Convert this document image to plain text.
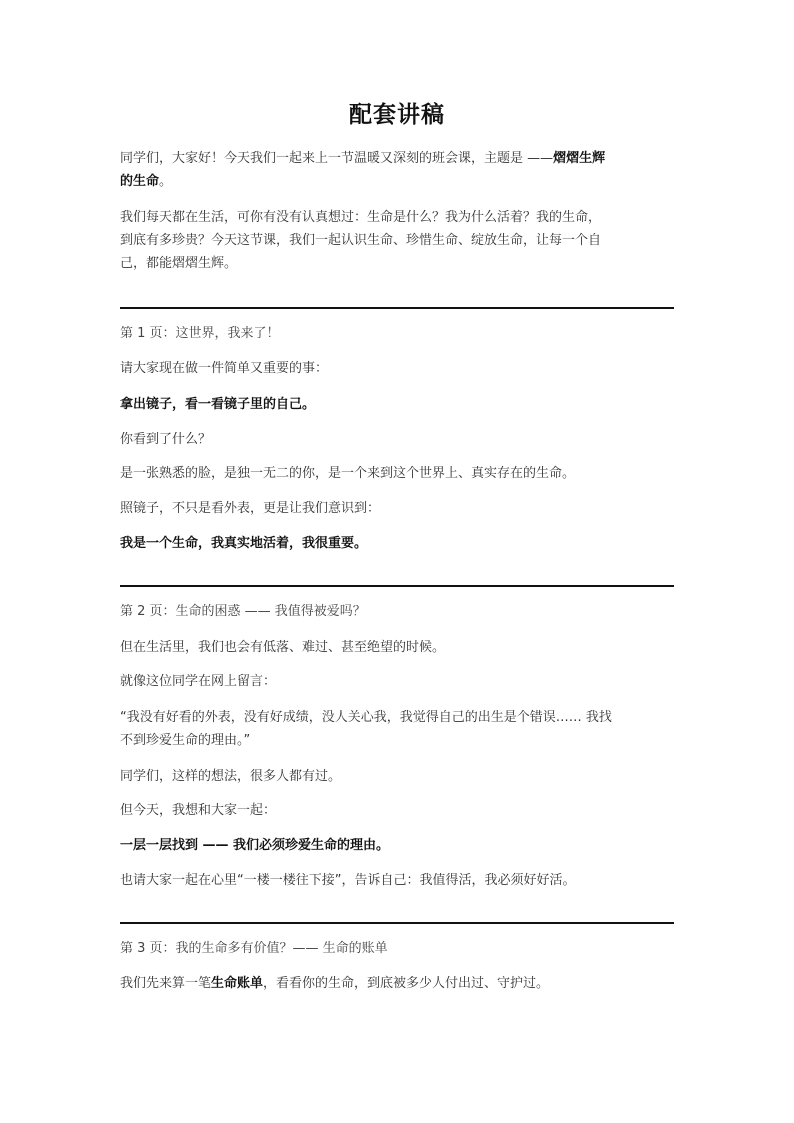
配套讲稿
同学们，大家好！今天我们一起来上一节温暖又深刻的班会课，主题是 ——熠熠生辉
的生命。
我们每天都在生活，可你有没有认真想过：生命是什么？我为什么活着？我的生命，
到底有多珍贵？今天这节课，我们一起认识生命、珍惜生命、绽放生命，让每一个自
己，都能熠熠生辉。
第 1 页：这世界，我来了！
请大家现在做一件简单又重要的事：
拿出镜子，看一看镜子里的自己。
你看到了什么？
是一张熟悉的脸，是独一无二的你，是一个来到这个世界上、真实存在的生命。
照镜子，不只是看外表，更是让我们意识到：
我是一个生命，我真实地活着，我很重要。
第 2 页：生命的困惑 —— 我值得被爱吗？
但在生活里，我们也会有低落、难过、甚至绝望的时候。
就像这位同学在网上留言：
“我没有好看的外表，没有好成绩，没人关心我，我觉得自己的出生是个错误…… 我找
不到珍爱生命的理由。”
同学们，这样的想法，很多人都有过。
但今天，我想和大家一起：
一层一层找到 —— 我们必须珍爱生命的理由。
也请大家一起在心里“一楼一楼往下接”，告诉自己：我值得活，我必须好好活。
第 3 页：我的生命多有价值？—— 生命的账单
我们先来算一笔生命账单，看看你的生命，到底被多少人付出过、守护过。
